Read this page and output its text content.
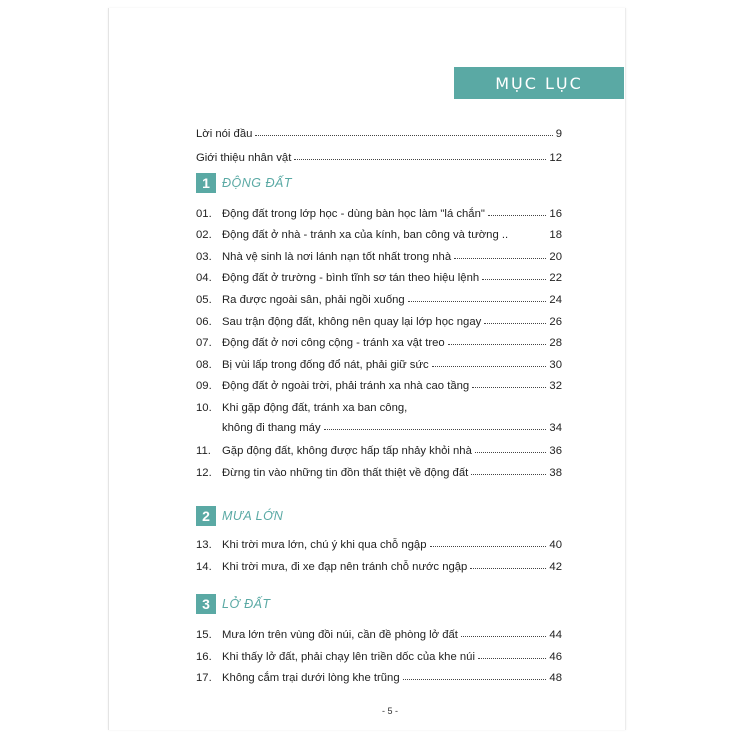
MỤC LỤC
Lời nói đầu	9
Giới thiệu nhân vật	12
1 ĐỘNG ĐẤT
01. Động đất trong lớp học - dùng bàn học làm "lá chắn"	16
02. Động đất ở nhà - tránh xa của kính, ban công và tường ..	18
03. Nhà vệ sinh là nơi lánh nạn tốt nhất trong nhà	20
04. Động đất ở trường - bình tĩnh sơ tán theo hiệu lệnh	22
05. Ra được ngoài sân, phải ngồi xuống	24
06. Sau trận động đất, không nên quay lại lớp học ngay	26
07. Động đất ở nơi công cộng - tránh xa vật treo	28
08. Bị vùi lấp trong đống đổ nát, phải giữ sức	30
09. Động đất ở ngoài trời, phải tránh xa nhà cao tầng	32
10. Khi gặp động đất, tránh xa ban công,
không đi thang máy	34
11. Gặp động đất, không được hấp tấp nhảy khỏi nhà	36
12. Đừng tin vào những tin đồn thất thiệt về động đất	38
2 MƯA LỚN
13. Khi trời mưa lớn, chú ý khi qua chỗ ngập	40
14. Khi trời mưa, đi xe đạp nên tránh chỗ nước ngập	42
3 LỞ ĐẤT
15. Mưa lớn trên vùng đồi núi, cần đề phòng lở đất	44
16. Khi thấy lở đất, phải chạy lên triền dốc của khe núi	46
17. Không cắm trại dưới lòng khe trũng	48
- 5 -
